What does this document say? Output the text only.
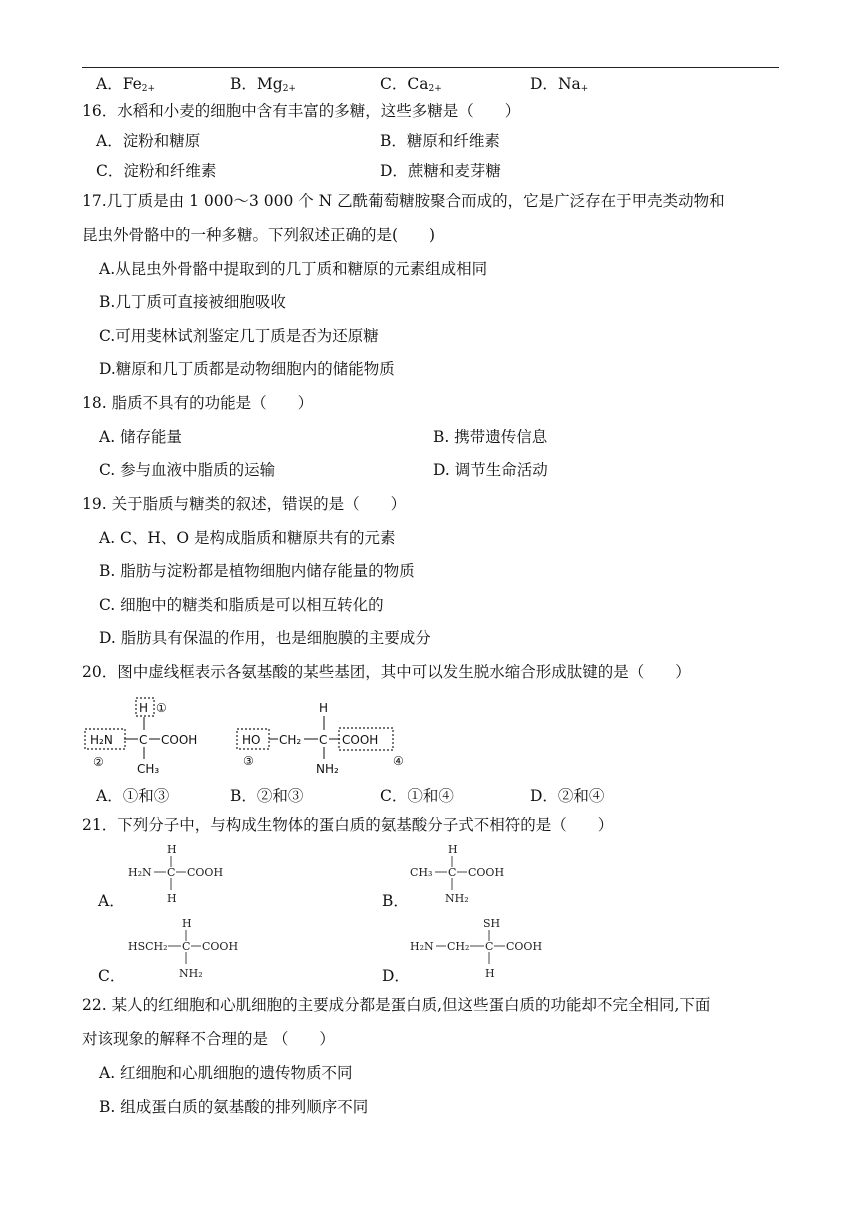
A．$Fe^{2+}$	B．$Mg^{2+}$	C．$Ca^{2+}$	D．Na+
16．水稻和小麦的细胞中含有丰富的多糖，这些多糖是（　　）
A．淀粉和糖原	B．糖原和纤维素
C．淀粉和纤维素	D．蔗糖和麦芽糖
17.几丁质是由 1 000～3 000 个 N 乙酰葡萄糖胺聚合而成的，它是广泛存在于甲壳类动物和
昆虫外骨骼中的一种多糖。下列叙述正确的是(　　)
A.从昆虫外骨骼中提取到的几丁质和糖原的元素组成相同
B.几丁质可直接被细胞吸收
C.可用斐林试剂鉴定几丁质是否为还原糖
D.糖原和几丁质都是动物细胞内的储能物质
18. 脂质不具有的功能是（　　）
A. 储存能量	B. 携带遗传信息
C. 参与血液中脂质的运输	D. 调节生命活动
19. 关于脂质与糖类的叙述，错误的是（　　）
A. C、H、O 是构成脂质和糖原共有的元素
B. 脂肪与淀粉都是植物细胞内储存能量的物质
C. 细胞中的糖类和脂质是可以相互转化的
D. 脂肪具有保温的作用，也是细胞膜的主要成分
20．图中虚线框表示各氨基酸的某些基团，其中可以发生脱水缩合形成肽键的是（　　）
H ①
H₂N C COOH
CH₃
②
HO CH₂ C
H
COOH
NH₂
③	④
A．①和③	B．②和③	C．①和④	D．②和④
21．下列分子中，与构成生物体的蛋白质的氨基酸分子式不相符的是（　　）
A．
H
H₂N C COOH
H	B．
H
CH₃ C COOH
NH₂
C．
H
HSCH₂ C COOH
NH₂	D．
SH
H₂N CH₂ C COOH
H
22. 某人的红细胞和心肌细胞的主要成分都是蛋白质,但这些蛋白质的功能却不完全相同,下面
对该现象的解释不合理的是 （　　）
A. 红细胞和心肌细胞的遗传物质不同
B. 组成蛋白质的氨基酸的排列顺序不同
